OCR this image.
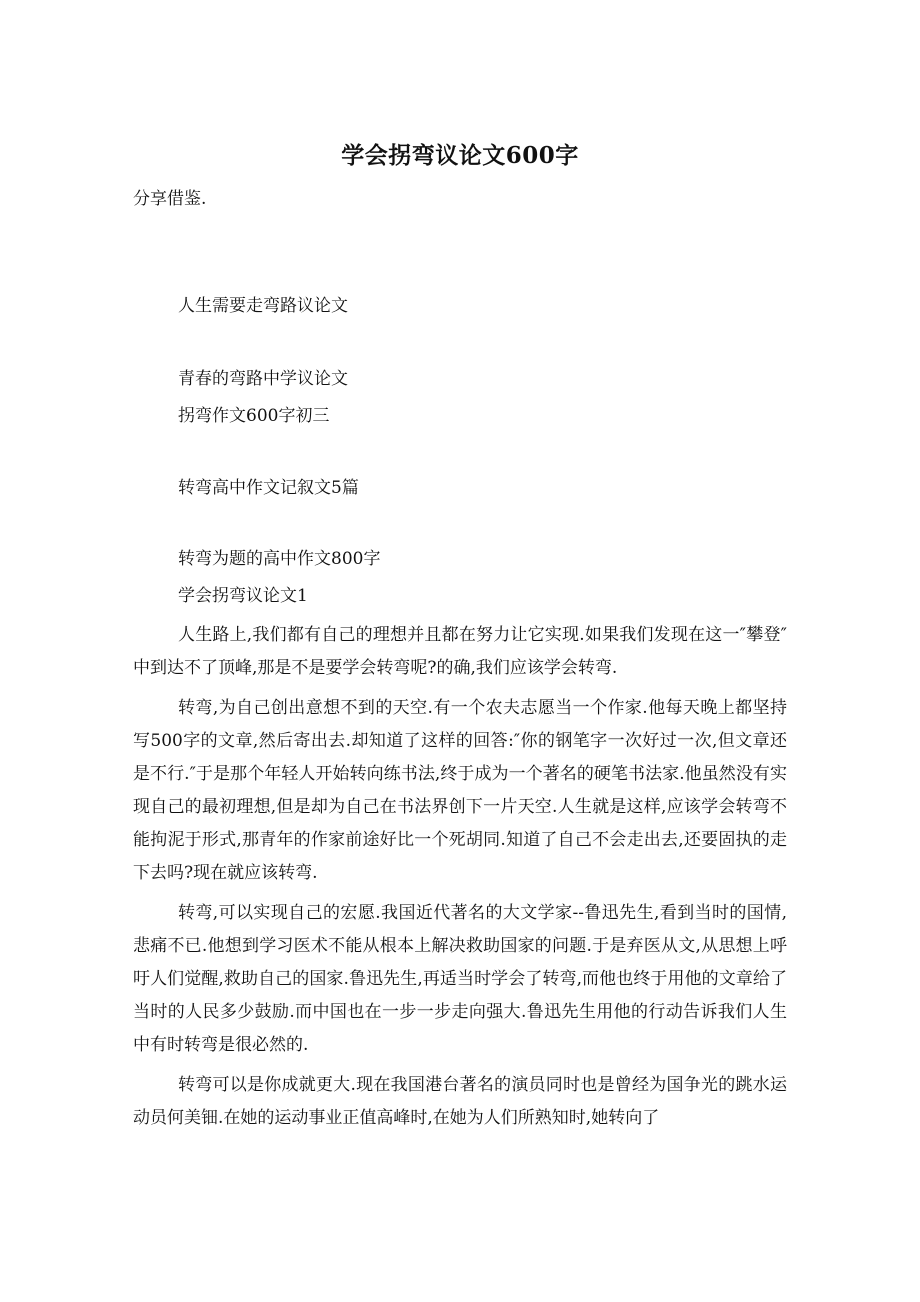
学会拐弯议论文600字
分享借鉴.
人生需要走弯路议论文
青春的弯路中学议论文
拐弯作文600字初三
转弯高中作文记叙文5篇
转弯为题的高中作文800字
学会拐弯议论文1

人生路上,我们都有自己的理想并且都在努力让它实现.如果我们发现在这一″攀登″中到达不了顶峰,那是不是要学会转弯呢?的确,我们应该学会转弯.

转弯,为自己创出意想不到的天空.有一个农夫志愿当一个作家.他每天晚上都坚持写500字的文章,然后寄出去.却知道了这样的回答:″你的钢笔字一次好过一次,但文章还是不行.″于是那个年轻人开始转向练书法,终于成为一个著名的硬笔书法家.他虽然没有实现自己的最初理想,但是却为自己在书法界创下一片天空.人生就是这样,应该学会转弯不能拘泥于形式,那青年的作家前途好比一个死胡同.知道了自己不会走出去,还要固执的走下去吗?现在就应该转弯.

转弯,可以实现自己的宏愿.我国近代著名的大文学家--鲁迅先生,看到当时的国情,悲痛不已.他想到学习医术不能从根本上解决救助国家的问题.于是弃医从文,从思想上呼吁人们觉醒,救助自己的国家.鲁迅先生,再适当时学会了转弯,而他也终于用他的文章给了当时的人民多少鼓励.而中国也在一步一步走向强大.鲁迅先生用他的行动告诉我们人生中有时转弯是很必然的.

转弯可以是你成就更大.现在我国港台著名的演员同时也是曾经为国争光的跳水运动员何美钿.在她的运动事业正值高峰时,在她为人们所熟知时,她转向了
